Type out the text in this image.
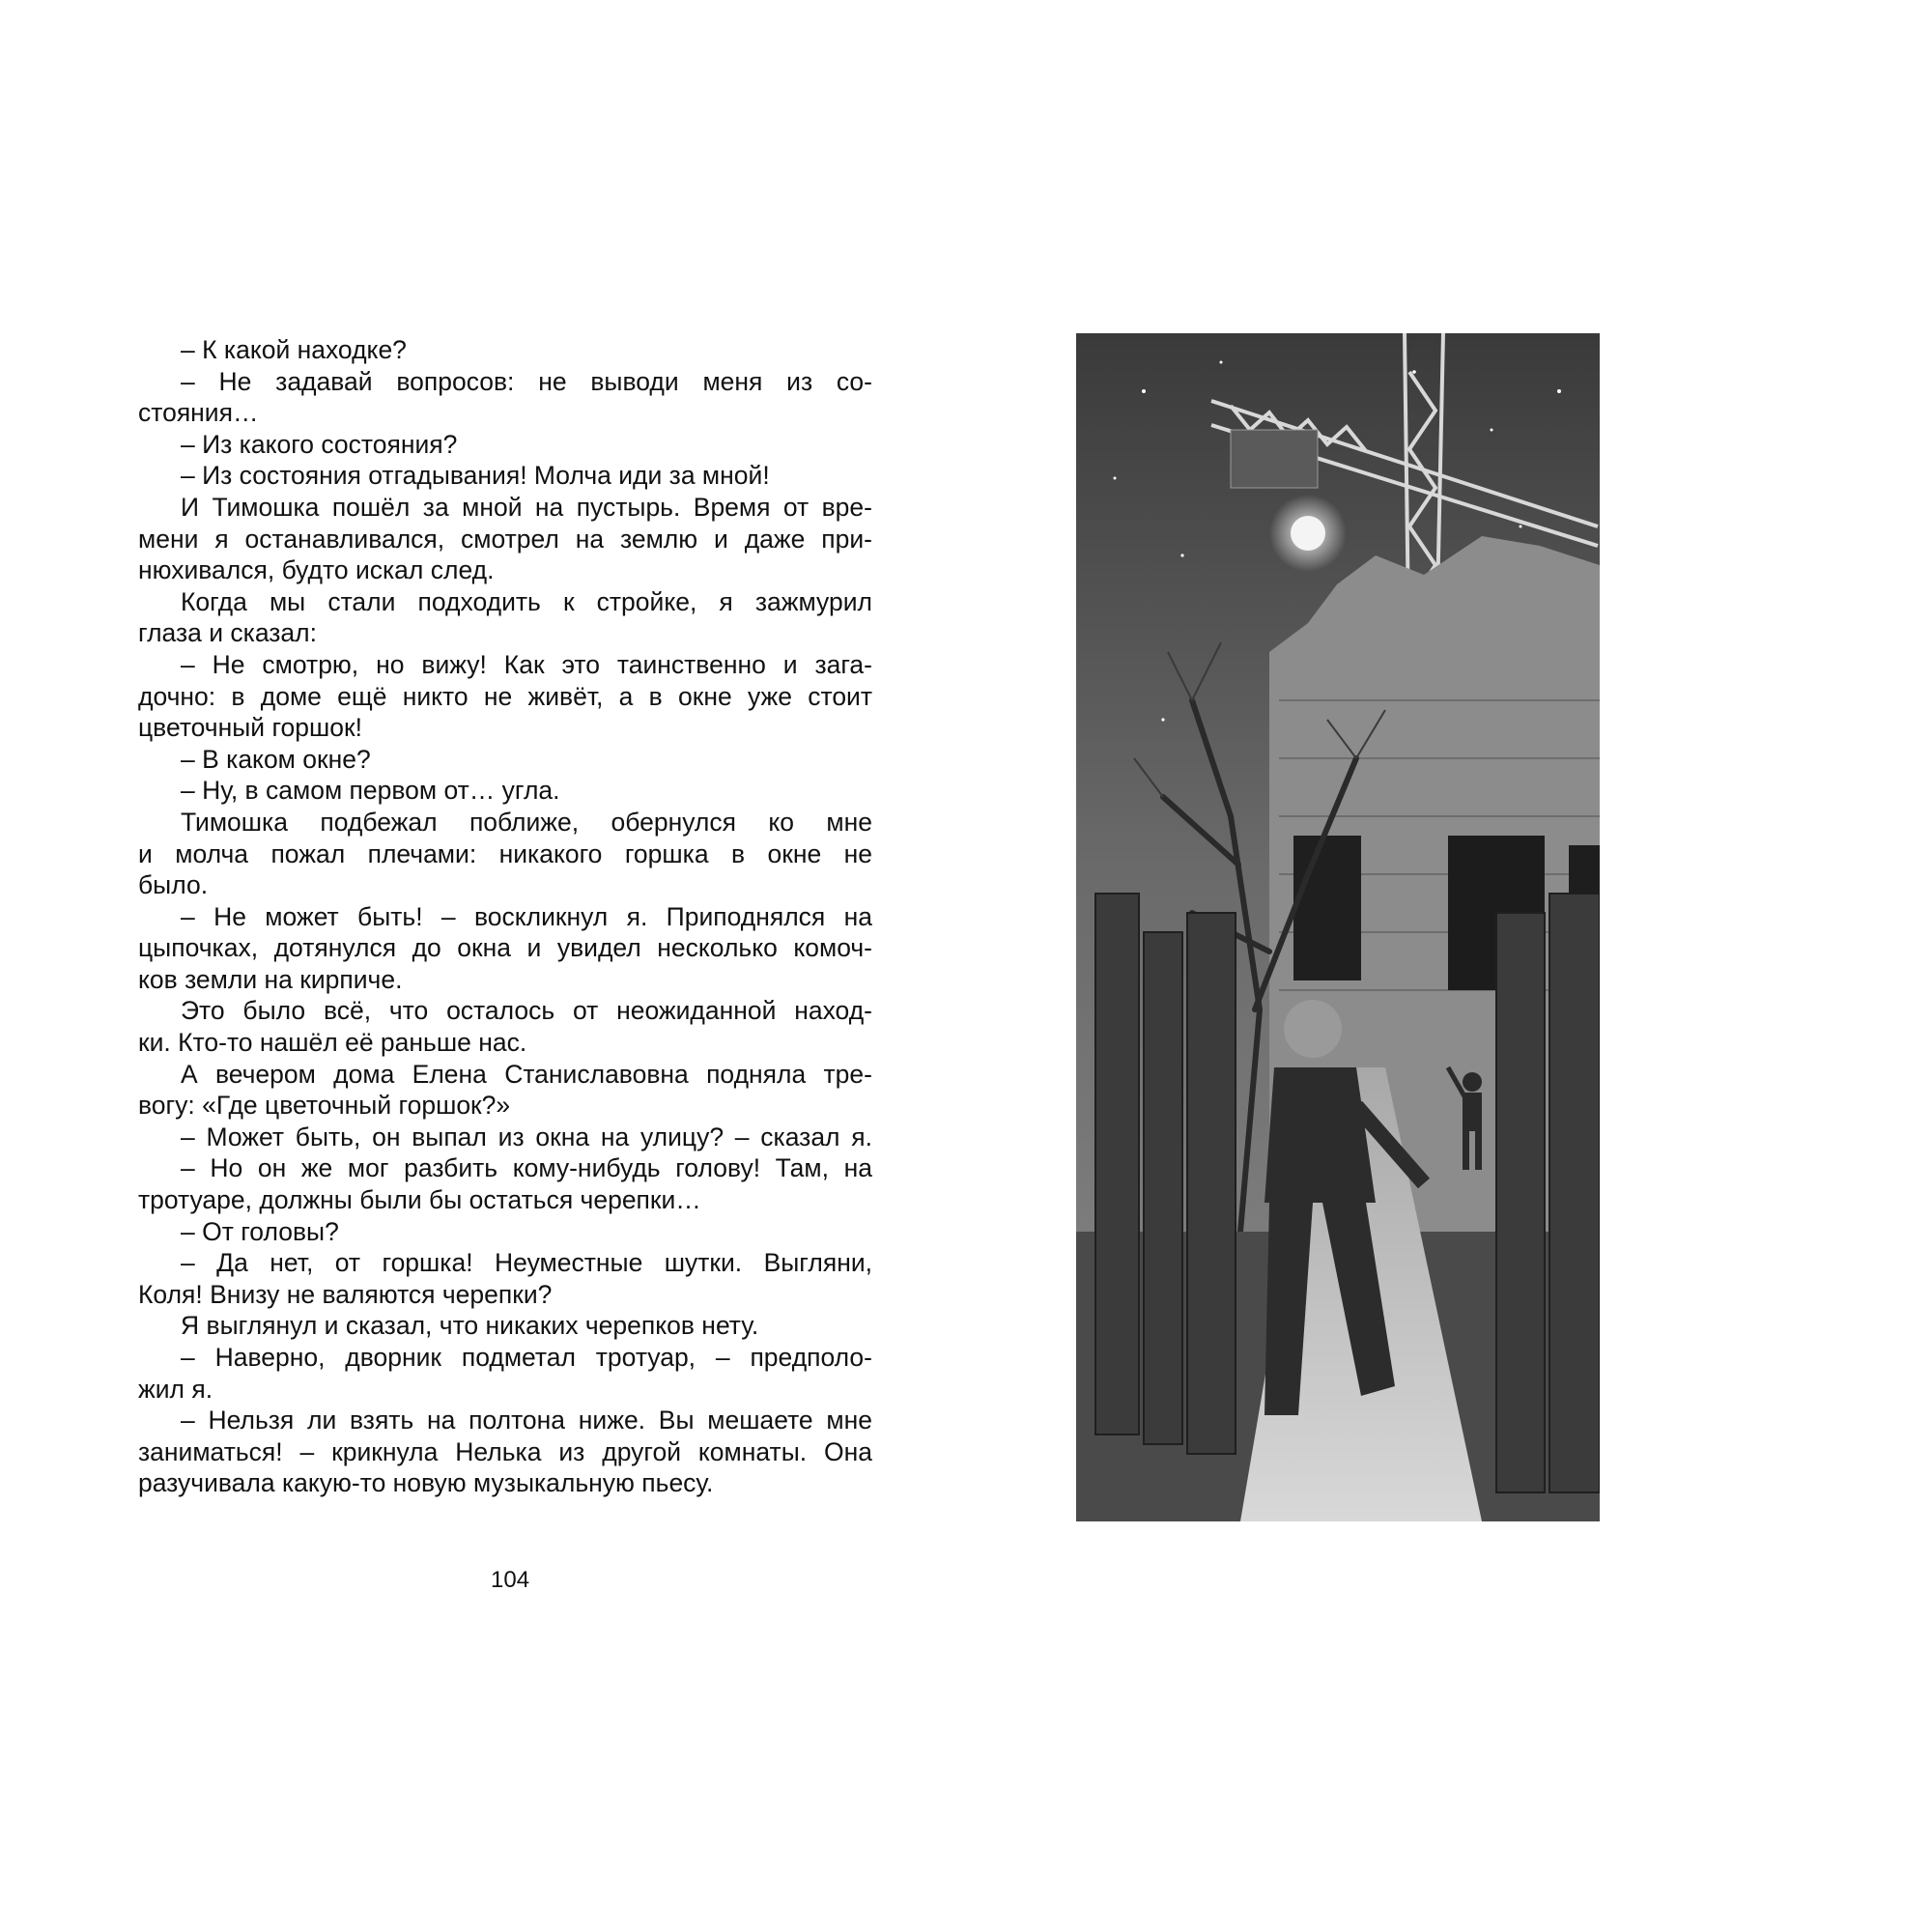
– К какой находке?
– Не задавай вопросов: не выводи меня из со-
стояния…
– Из какого состояния?
– Из состояния отгадывания! Молча иди за мной!
И Тимошка пошёл за мной на пустырь. Время от вре-
мени я останавливался, смотрел на землю и даже при-
нюхивался, будто искал след.
Когда мы стали подходить к стройке, я зажмурил
глаза и сказал:
– Не смотрю, но вижу! Как это таинственно и зага-
дочно: в доме ещё никто не живёт, а в окне уже стоит
цветочный горшок!
– В каком окне?
– Ну, в самом первом от… угла.
Тимошка подбежал поближе, обернулся ко мне
и молча пожал плечами: никакого горшка в окне не
было.
– Не может быть! – воскликнул я. Приподнялся на
цыпочках, дотянулся до окна и увидел несколько комоч-
ков земли на кирпиче.
Это было всё, что осталось от неожиданной наход-
ки. Кто-то нашёл её раньше нас.
А вечером дома Елена Станиславовна подняла тре-
вогу: «Где цветочный горшок?»
– Может быть, он выпал из окна на улицу? – сказал я.
– Но он же мог разбить кому-нибудь голову! Там, на
тротуаре, должны были бы остаться черепки…
– От головы?
– Да нет, от горшка! Неуместные шутки. Выгляни,
Коля! Внизу не валяются черепки?
Я выглянул и сказал, что никаких черепков нету.
– Наверно, дворник подметал тротуар, – предполо-
жил я.
– Нельзя ли взять на полтона ниже. Вы мешаете мне
заниматься! – крикнула Нелька из другой комнаты. Она
разучивала какую-то новую музыкальную пьесу.
104
